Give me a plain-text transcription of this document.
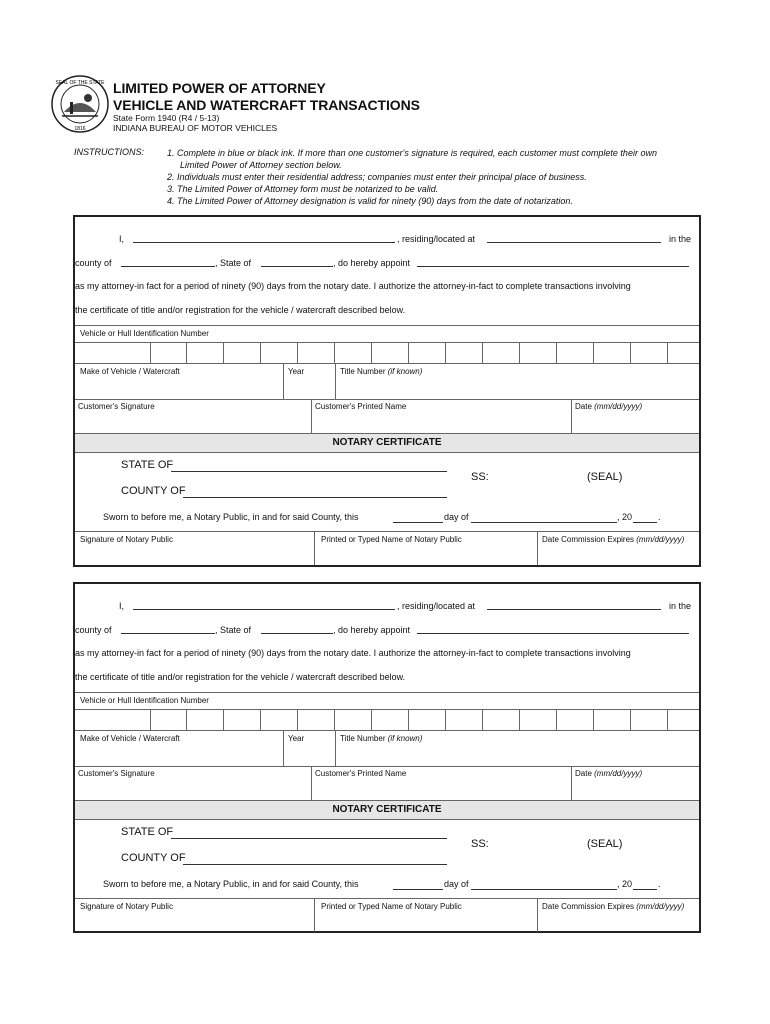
SEAL OF THE STATE
1816
LIMITED POWER OF ATTORNEY
VEHICLE AND WATERCRAFT TRANSACTIONS
State Form 1940 (R4 / 5-13)
INDIANA BUREAU OF MOTOR VEHICLES
INSTRUCTIONS:	1. Complete in blue or black ink. If more than one customer's signature is required, each customer must complete their own
Limited Power of Attorney section below.
2. Individuals must enter their residential address; companies must enter their principal place of business.
3. The Limited Power of Attorney form must be notarized to be valid.
4. The Limited Power of Attorney designation is valid for ninety (90) days from the date of notarization.
I,	, residing/located at	in the
county of	, State of	, do hereby appoint
as my attorney-in fact for a period of ninety (90) days from the notary date. I authorize the attorney-in-fact to complete transactions involving
the certificate of title and/or registration for the vehicle / watercraft described below.
Vehicle or Hull Identification Number
Make of Vehicle / Watercraft	Year	Title Number (if known)
Customer's Signature	Customer's Printed Name	Date (mm/dd/yyyy)
NOTARY CERTIFICATE
STATE OF
COUNTY OF
SS:	(SEAL)
Sworn to before me, a Notary Public, in and for said County, this	day of	, 20	.
Signature of Notary Public	Printed or Typed Name of Notary Public	Date Commission Expires (mm/dd/yyyy)
I,	, residing/located at	in the
county of	, State of	, do hereby appoint
as my attorney-in fact for a period of ninety (90) days from the notary date. I authorize the attorney-in-fact to complete transactions involving
the certificate of title and/or registration for the vehicle / watercraft described below.
Vehicle or Hull Identification Number
Make of Vehicle / Watercraft	Year	Title Number (if known)
Customer's Signature	Customer's Printed Name	Date (mm/dd/yyyy)
NOTARY CERTIFICATE
STATE OF
COUNTY OF
SS:	(SEAL)
Sworn to before me, a Notary Public, in and for said County, this	day of	, 20	.
Signature of Notary Public	Printed or Typed Name of Notary Public	Date Commission Expires (mm/dd/yyyy)
